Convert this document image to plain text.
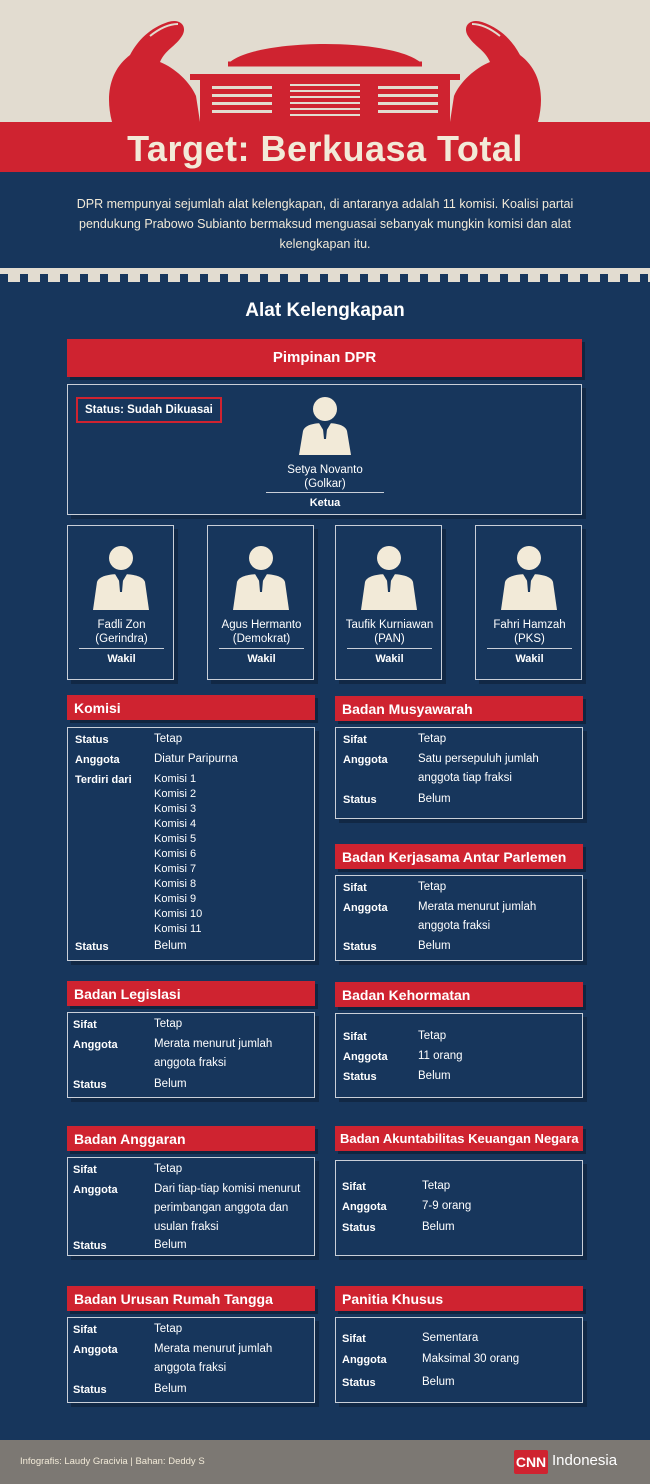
Target: Berkuasa Total

DPR mempunyai sejumlah alat kelengkapan, di antaranya adalah 11 komisi. Koalisi partai pendukung Prabowo Subianto bermaksud menguasai sebanyak mungkin komisi dan alat kelengkapan itu.

Alat Kelengkapan
Pimpinan DPR
Status: Sudah Dikuasai
Setya Novanto
(Golkar)
Ketua
Fadli Zon
(Gerindra)
Wakil
Agus Hermanto
(Demokrat)
Wakil
Taufik Kurniawan
(PAN)
Wakil
Fahri Hamzah
(PKS)
Wakil
Komisi
Status	Tetap
Anggota	Diatur Paripurna
Terdiri dari Komisi 1
Komisi 2
Komisi 3
Komisi 4
Komisi 5
Komisi 6
Komisi 7
Komisi 8
Komisi 9
Komisi 10
Komisi 11
Status	Belum
Badan Musyawarah
Sifat	Tetap
Anggota	Satu persepuluh jumlah anggota tiap fraksi
Status	Belum
Badan Kerjasama Antar Parlemen
Sifat	Tetap
Anggota	Merata menurut jumlah anggota fraksi
Status	Belum
Badan Legislasi
Sifat	Tetap
Anggota	Merata menurut jumlah anggota fraksi
Status	Belum
Badan Kehormatan
Sifat	Tetap
Anggota	11 orang
Status	Belum
Badan Anggaran
Sifat	Tetap
Anggota	Dari tiap-tiap komisi menurut perimbangan anggota dan usulan fraksi
Status	Belum
Badan Akuntabilitas Keuangan Negara
Sifat	Tetap
Anggota	7-9 orang
Status	Belum
Badan Urusan Rumah Tangga
Sifat	Tetap
Anggota	Merata menurut jumlah anggota fraksi
Status	Belum
Panitia Khusus
Sifat	Sementara
Anggota	Maksimal 30 orang
Status	Belum
Infografis: Laudy Gracivia | Bahan: Deddy S	CNN Indonesia
